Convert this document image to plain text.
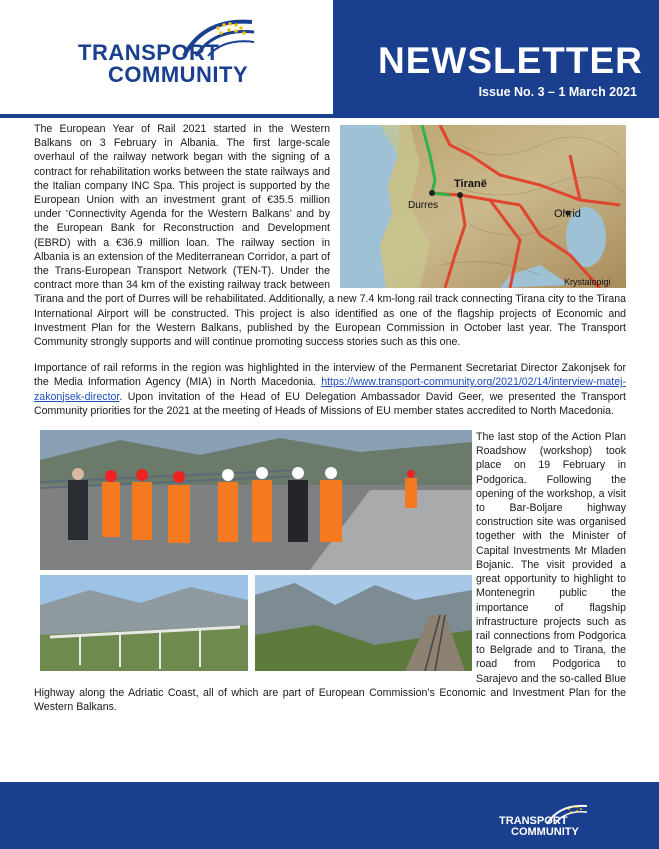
TRANSPORT
COMMUNITY	NEWSLETTER
Issue No. 3 – 1 March 2021
Durres
Tiranë
Ohrid
Krystalopigi
The European Year of Rail 2021 started in the Western Balkans on 3 February in Albania. The first large-scale overhaul of the railway network began with the signing of a contract for rehabilitation works between the state railways and the Italian company INC Spa. This project is supported by the European Union with an investment grant of €35.5 million under ‘Connectivity Agenda for the Western Balkans’ and by the European Bank for Reconstruction and Development (EBRD) with a €36.9 million loan. The railway section in Albania is an extension of the Mediterranean Corridor, a part of the Trans-European Transport Network (TEN-T). Under the contract more than 34 km of the existing railway track between Tirana and the port of Durres will be rehabilitated. Additionally, a new 7.4 km-long rail track connecting Tirana city to the Tirana International Airport will be constructed. This project is also identified as one of the flagship projects of Economic and Investment Plan for the Western Balkans, published by the European Commission in October last year. The Transport Community strongly supports and will continue promoting success stories such as this one.
Importance of rail reforms in the region was highlighted in the interview of the Permanent Secretariat Director Zakonjsek for the Media Information Agency (MIA) in North Macedonia. https://www.transport-community.org/2021/02/14/interview-matej-zakonjsek-director. Upon invitation of the Head of EU Delegation Ambassador David Geer, we presented the Transport Community priorities for the 2021 at the meeting of Heads of Missions of EU member states accredited to North Macedonia.
The last stop of the Action Plan Roadshow (workshop) took place on 19 February in Podgorica. Following the opening of the workshop, a visit to Bar-Boljare highway construction site was organised together with the Minister of Capital Investments Mr Mladen Bojanic. The visit provided a great opportunity to highlight to Montenegrin public the importance of flagship infrastructure projects such as rail connections from Podgorica to Belgrade and to Tirana, the road from Podgorica to Sarajevo and the so-called Blue Highway along the Adriatic Coast, all of which are part of European Commission’s Economic and Investment Plan for the Western Balkans.
TRANSPORT
COMMUNITY
